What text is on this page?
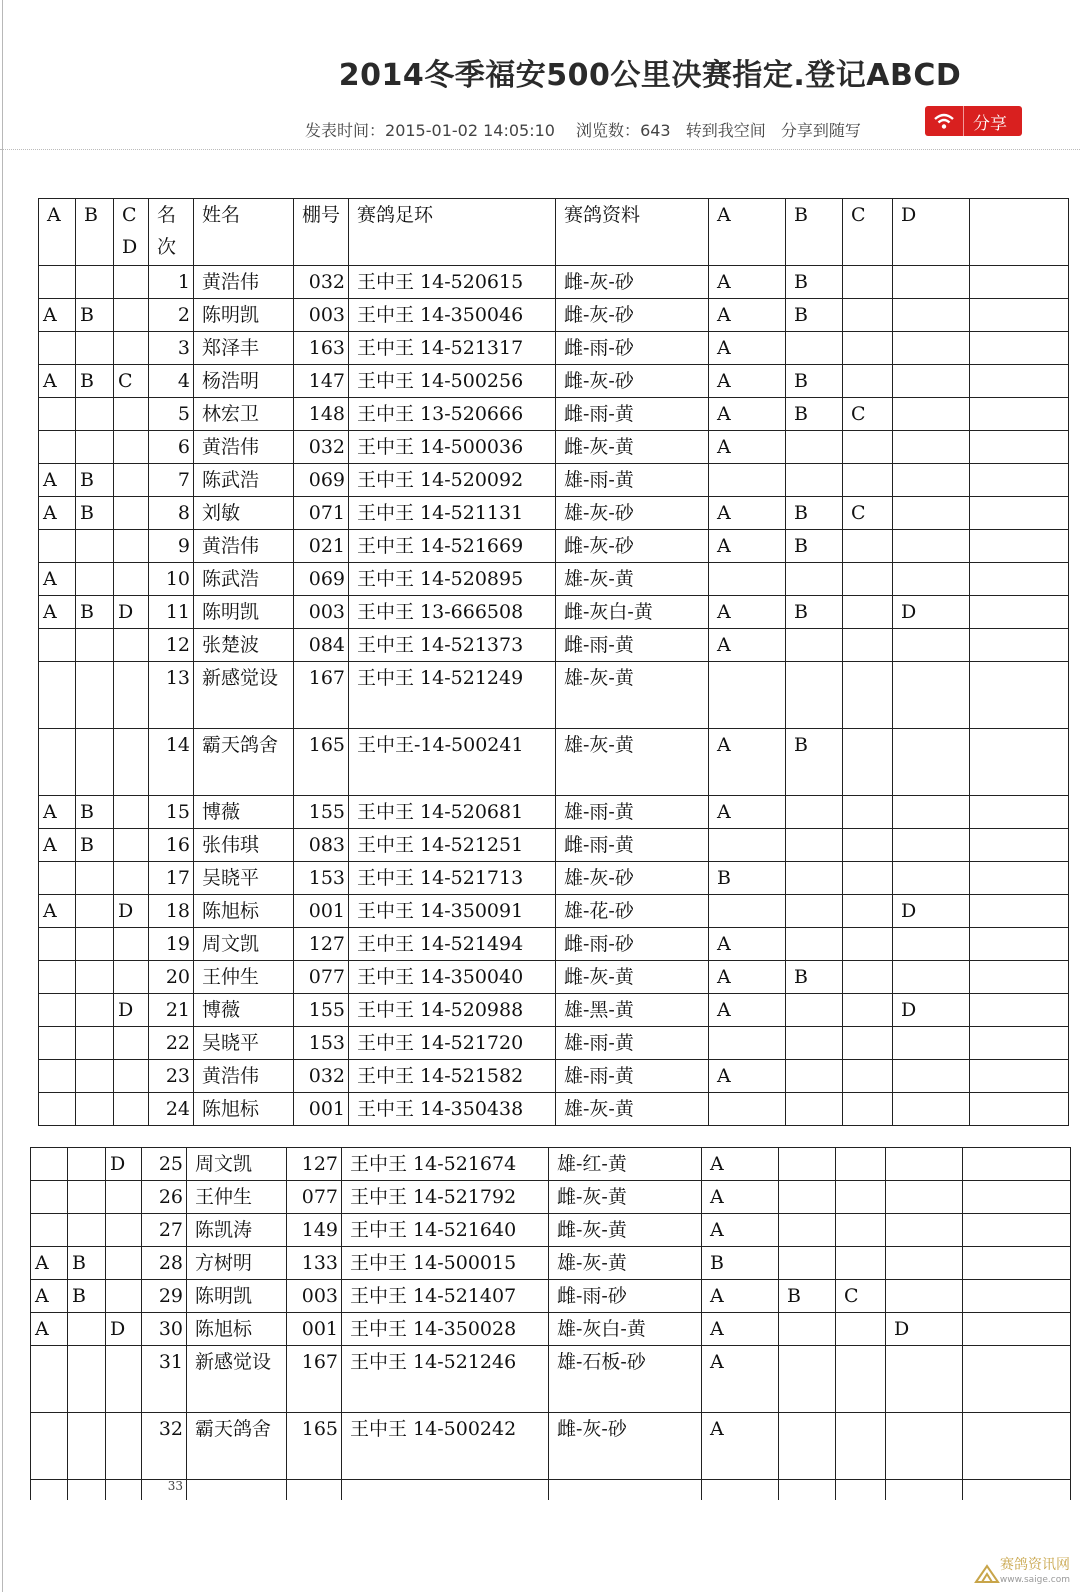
2014冬季福安500公里决赛指定.登记ABCD
发表时间：2015-01-02 14:05:10 浏览数：643 转到我空间 分享到随写	分享
A	B	C D	名次	姓名	棚号	赛鸽足环	赛鸽资料	A	B	C	D	
			1	黄浩伟	032	王中王 14-520615	雌-灰-砂	A	B			
A	B		2	陈明凯	003	王中王 14-350046	雌-灰-砂	A	B			
			3	郑泽丰	163	王中王 14-521317	雌-雨-砂	A				
A	B	C	4	杨浩明	147	王中王 14-500256	雌-灰-砂	A	B			
			5	林宏卫	148	王中王 13-520666	雌-雨-黄	A	B	C		
			6	黄浩伟	032	王中王 14-500036	雌-灰-黄	A				
A	B		7	陈武浩	069	王中王 14-520092	雄-雨-黄					
A	B		8	刘敏	071	王中王 14-521131	雄-灰-砂	A	B	C		
			9	黄浩伟	021	王中王 14-521669	雌-灰-砂	A	B			
A			10	陈武浩	069	王中王 14-520895	雄-灰-黄					
A	B	D	11	陈明凯	003	王中王 13-666508	雌-灰白-黄	A	B		D	
			12	张楚波	084	王中王 14-521373	雌-雨-黄	A				
			13	新感觉设	167	王中王 14-521249	雄-灰-黄					
			14	霸天鸽舍	165	王中王-14-500241	雄-灰-黄	A	B			
A	B		15	博薇	155	王中王 14-520681	雄-雨-黄	A				
A	B		16	张伟琪	083	王中王 14-521251	雌-雨-黄					
			17	吴晓平	153	王中王 14-521713	雄-灰-砂	B				
A		D	18	陈旭标	001	王中王 14-350091	雄-花-砂				D	
			19	周文凯	127	王中王 14-521494	雌-雨-砂	A				
			20	王仲生	077	王中王 14-350040	雌-灰-黄	A	B			
		D	21	博薇	155	王中王 14-520988	雄-黑-黄	A			D	
			22	吴晓平	153	王中王 14-521720	雄-雨-黄					
			23	黄浩伟	032	王中王 14-521582	雄-雨-黄	A				
			24	陈旭标	001	王中王 14-350438	雄-灰-黄					
		D	25	周文凯	127	王中王 14-521674	雄-红-黄	A				
			26	王仲生	077	王中王 14-521792	雌-灰-黄	A				
			27	陈凯涛	149	王中王 14-521640	雌-灰-黄	A				
A	B		28	方树明	133	王中王 14-500015	雄-灰-黄	B				
A	B		29	陈明凯	003	王中王 14-521407	雌-雨-砂	A	B	C		
A		D	30	陈旭标	001	王中王 14-350028	雄-灰白-黄	A			D	
			31	新感觉设	167	王中王 14-521246	雄-石板-砂	A				
			32	霸天鸽舍	165	王中王 14-500242	雌-灰-砂	A				
			33									
赛鸽资讯网
www.saige.com
